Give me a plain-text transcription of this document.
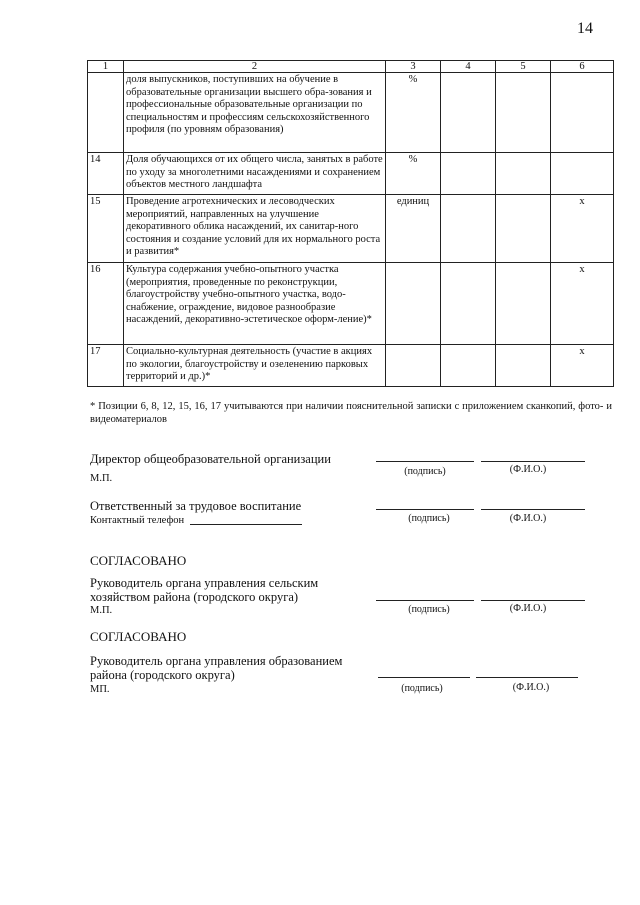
14
1	2	3	4	5	6
	доля выпускников, поступивших на обучение в образовательные организации высшего обра-зования и профессиональные образовательные организации по специальностям и профессиям сельскохозяйственного профиля (по уровням образования)	%			
14	Доля обучающихся от их общего числа, занятых в работе по уходу за многолетними насаждениями и сохранением объектов местного ландшафта	%			
15	Проведение агротехнических и лесоводческих мероприятий, направленных на улучшение декоративного облика насаждений, их санитар-ного состояния и создание условий для их нормального роста и развития*	единиц			x
16	Культура содержания учебно-опытного участка (мероприятия, проведенные по реконструкции, благоустройству учебно-опытного участка, водо-снабжение, ограждение, видовое разнообразие насаждений, декоративно-эстетическое оформ-ление)*				x
17	Социально-культурная деятельность (участие в акциях по экологии, благоустройству и озеленению парковых территорий и др.)*				x
* Позиции 6, 8, 12, 15, 16, 17 учитываются при наличии пояснительной записки с приложением сканкопий, фото- и видеоматериалов
Директор общеобразовательной организации
М.П.
(подпись)	(Ф.И.О.)
Ответственный за трудовое воспитание
Контактный телефон	(подпись)	(Ф.И.О.)
СОГЛАСОВАНО
Руководитель органа управления сельским
хозяйством района (городского округа)
М.П.	(подпись)	(Ф.И.О.)
СОГЛАСОВАНО
Руководитель органа управления образованием
района (городского округа)
МП.	(подпись)	(Ф.И.О.)
